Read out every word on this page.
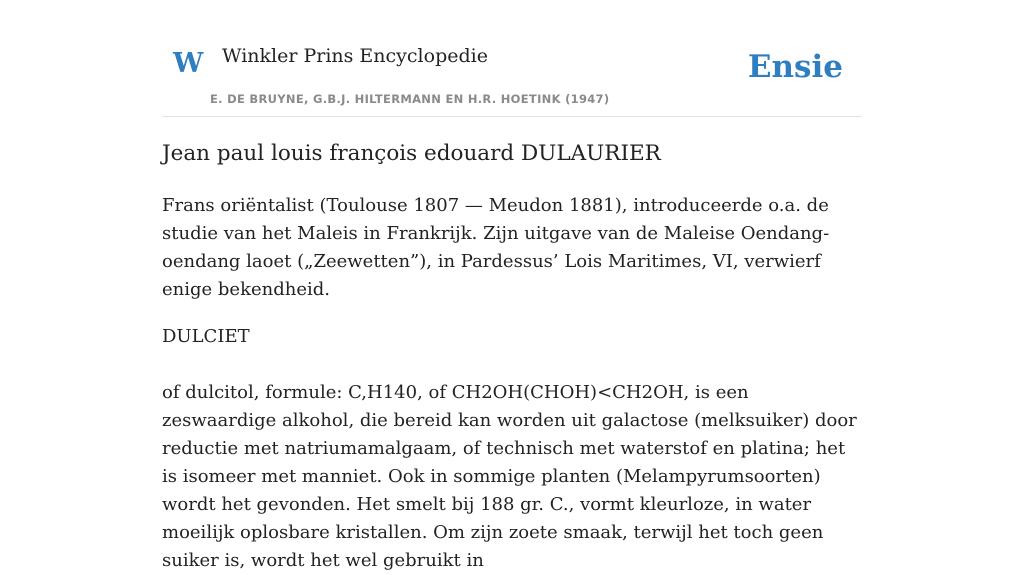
W Winkler Prins Encyclopedie
E. DE BRUYNE, G.B.J. HILTERMANN EN H.R. HOETINK (1947)
Ensie
Jean paul louis françois edouard DULAURIER

Frans oriëntalist (Toulouse 1807 — Meudon 1881), introduceerde o.a. de studie van het Maleis in Frankrijk. Zijn uitgave van de Maleise Oendang-oendang laoet („Zeewetten”), in Pardessus’ Lois Maritimes, VI, verwierf enige bekendheid.

DULCIET

of dulcitol, formule: C,H140, of CH2OH(CHOH)<CH2OH, is een zeswaardige alkohol, die bereid kan worden uit galactose (melksuiker) door reductie met natriumamalgaam, of technisch met waterstof en platina; het is isomeer met manniet. Ook in sommige planten (Melampyrumsoorten) wordt het gevonden. Het smelt bij 188 gr. C., vormt kleurloze, in water moeilijk oplosbare kristallen. Om zijn zoete smaak, terwijl het toch geen suiker is, wordt het wel gebruikt in
